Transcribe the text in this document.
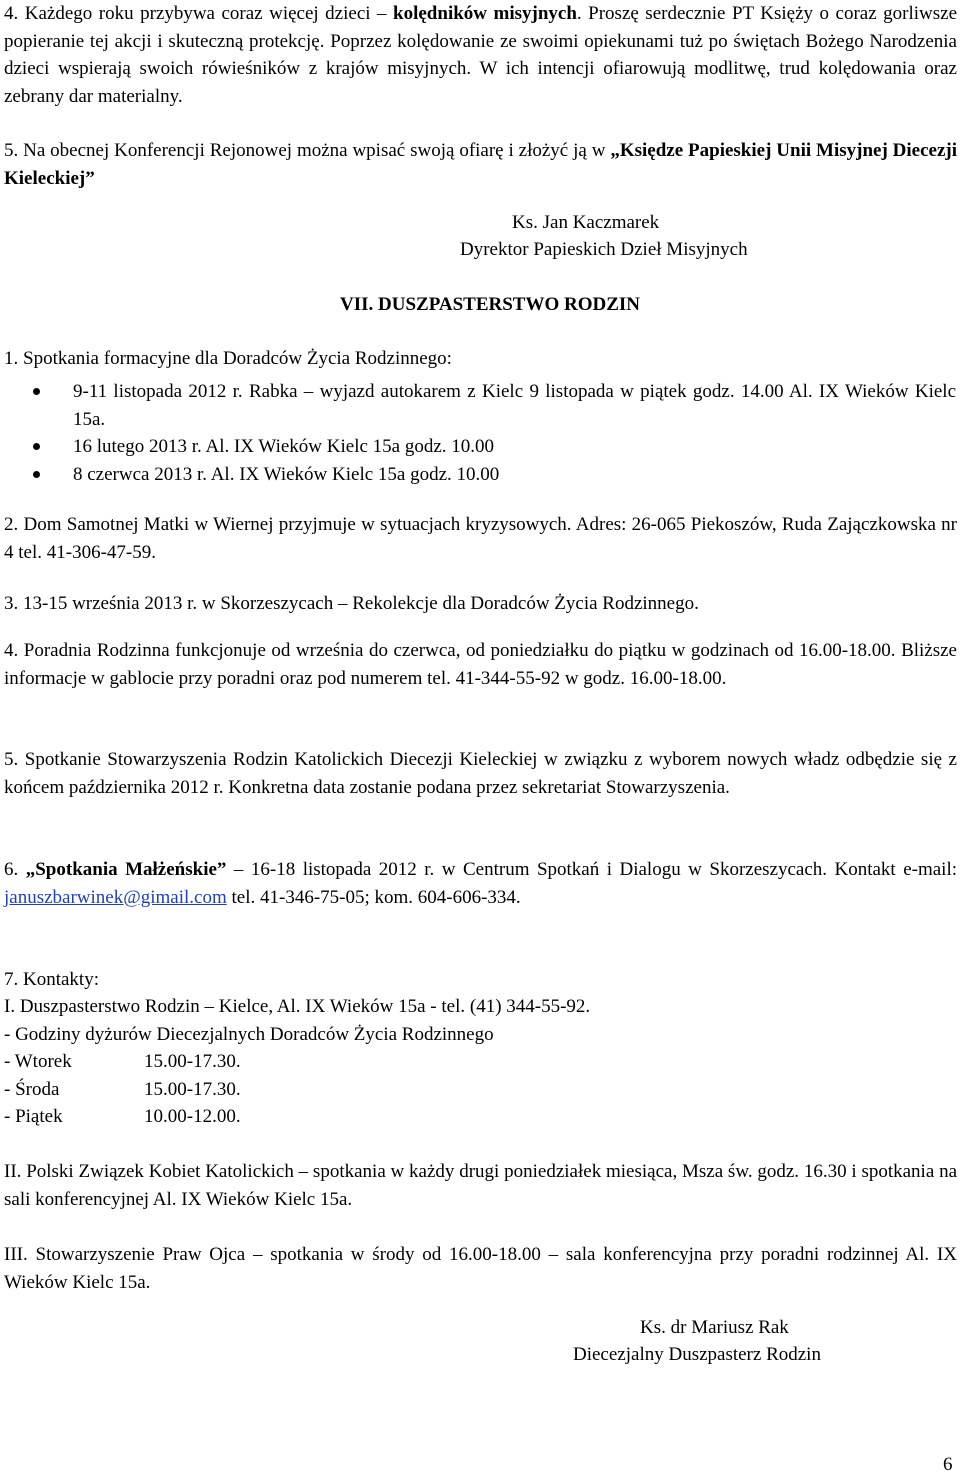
4. Każdego roku przybywa coraz więcej dzieci – kolędników misyjnych. Proszę serdecznie PT Księży o coraz gorliwsze popieranie tej akcji i skuteczną protekcję. Poprzez kolędowanie ze swoimi opiekunami tuż po świętach Bożego Narodzenia dzieci wspierają swoich rówieśników z krajów misyjnych. W ich intencji ofiarowują modlitwę, trud kolędowania oraz zebrany dar materialny.

5. Na obecnej Konferencji Rejonowej można wpisać swoją ofiarę i złożyć ją w „Księdze Papieskiej Unii Misyjnej Diecezji Kieleckiej”

Ks. Jan Kaczmarek
Dyrektor Papieskich Dzieł Misyjnych
VII. DUSZPASTERSTWO RODZIN

1. Spotkania formacyjne dla Doradców Życia Rodzinnego:

9-11 listopada 2012 r. Rabka – wyjazd autokarem z Kielc 9 listopada w piątek godz. 14.00 Al. IX Wieków Kielc 15a.
16 lutego 2013 r. Al. IX Wieków Kielc 15a godz. 10.00
8 czerwca 2013 r. Al. IX Wieków Kielc 15a godz. 10.00

2. Dom Samotnej Matki w Wiernej przyjmuje w sytuacjach kryzysowych. Adres: 26-065 Piekoszów, Ruda Zajączkowska nr 4 tel. 41-306-47-59.

3. 13-15 września 2013 r. w Skorzeszycach – Rekolekcje dla Doradców Życia Rodzinnego.

4. Poradnia Rodzinna funkcjonuje od września do czerwca, od poniedziałku do piątku w godzinach od 16.00-18.00. Bliższe informacje w gablocie przy poradni oraz pod numerem tel. 41-344-55-92 w godz. 16.00-18.00.

5. Spotkanie Stowarzyszenia Rodzin Katolickich Diecezji Kieleckiej w związku z wyborem nowych władz odbędzie się z końcem października 2012 r. Konkretna data zostanie podana przez sekretariat Stowarzyszenia.

6. „Spotkania Małżeńskie” – 16-18 listopada 2012 r. w Centrum Spotkań i Dialogu w Skorzeszycach. Kontakt e-mail: januszbarwinek@gimail.com tel. 41-346-75-05; kom. 604-606-334.

7. Kontakty:

I. Duszpasterstwo Rodzin – Kielce, Al. IX Wieków 15a - tel. (41) 344-55-92.

- Godziny dyżurów Diecezjalnych Doradców Życia Rodzinnego

- Wtorek	15.00-17.30.
- Środa	15.00-17.30.
- Piątek	10.00-12.00.

II. Polski Związek Kobiet Katolickich – spotkania w każdy drugi poniedziałek miesiąca, Msza św. godz. 16.30 i spotkania na sali konferencyjnej Al. IX Wieków Kielc 15a.

III. Stowarzyszenie Praw Ojca – spotkania w środy od 16.00-18.00 – sala konferencyjna przy poradni rodzinnej Al. IX Wieków Kielc 15a.

Ks. dr Mariusz Rak
Diecezjalny Duszpasterz Rodzin
6
